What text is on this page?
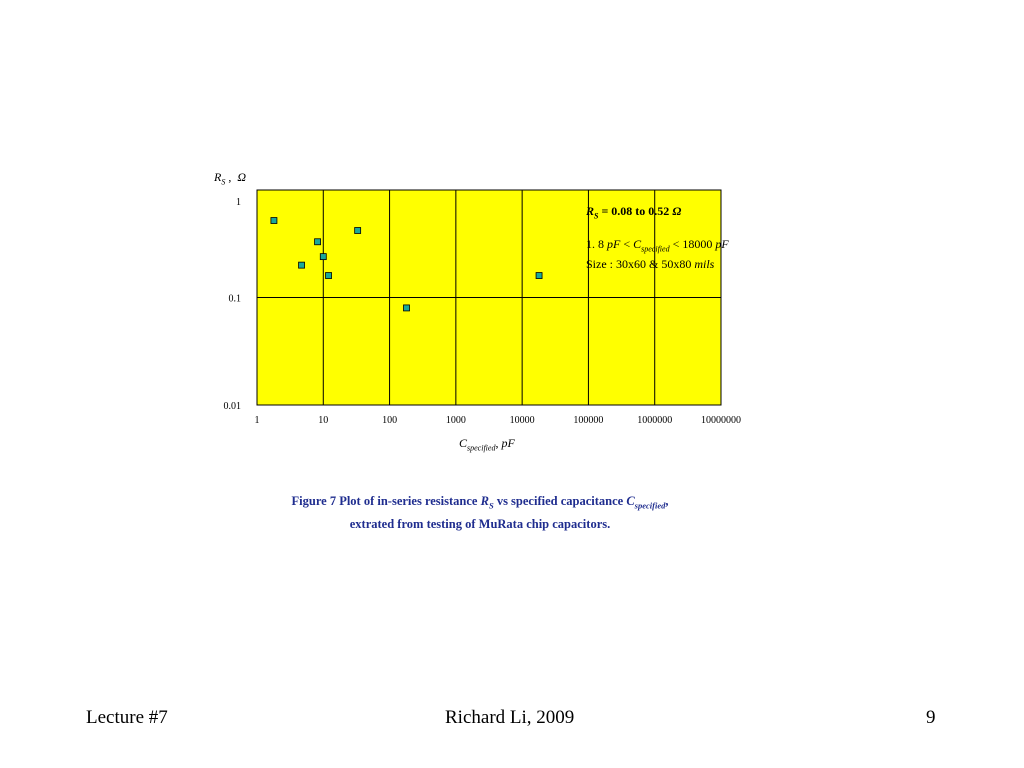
1
0.1
0.01
1	10	100	1000	10000	100000	1000000	10000000
$R_S$ ,  Ω
$C_{specified}$, pF
$R_S = 0.08$ to 0.52 Ω
1. 8 pF < $C_{specified} < 18000$ pF
Size : 30x60 & 50x80 mils
Figure 7 Plot of in-series resistance $R_S$ vs specified capacitance $C_{specified}$,
extrated from testing of MuRata chip capacitors.
Lecture #7	Richard Li, 2009	9
